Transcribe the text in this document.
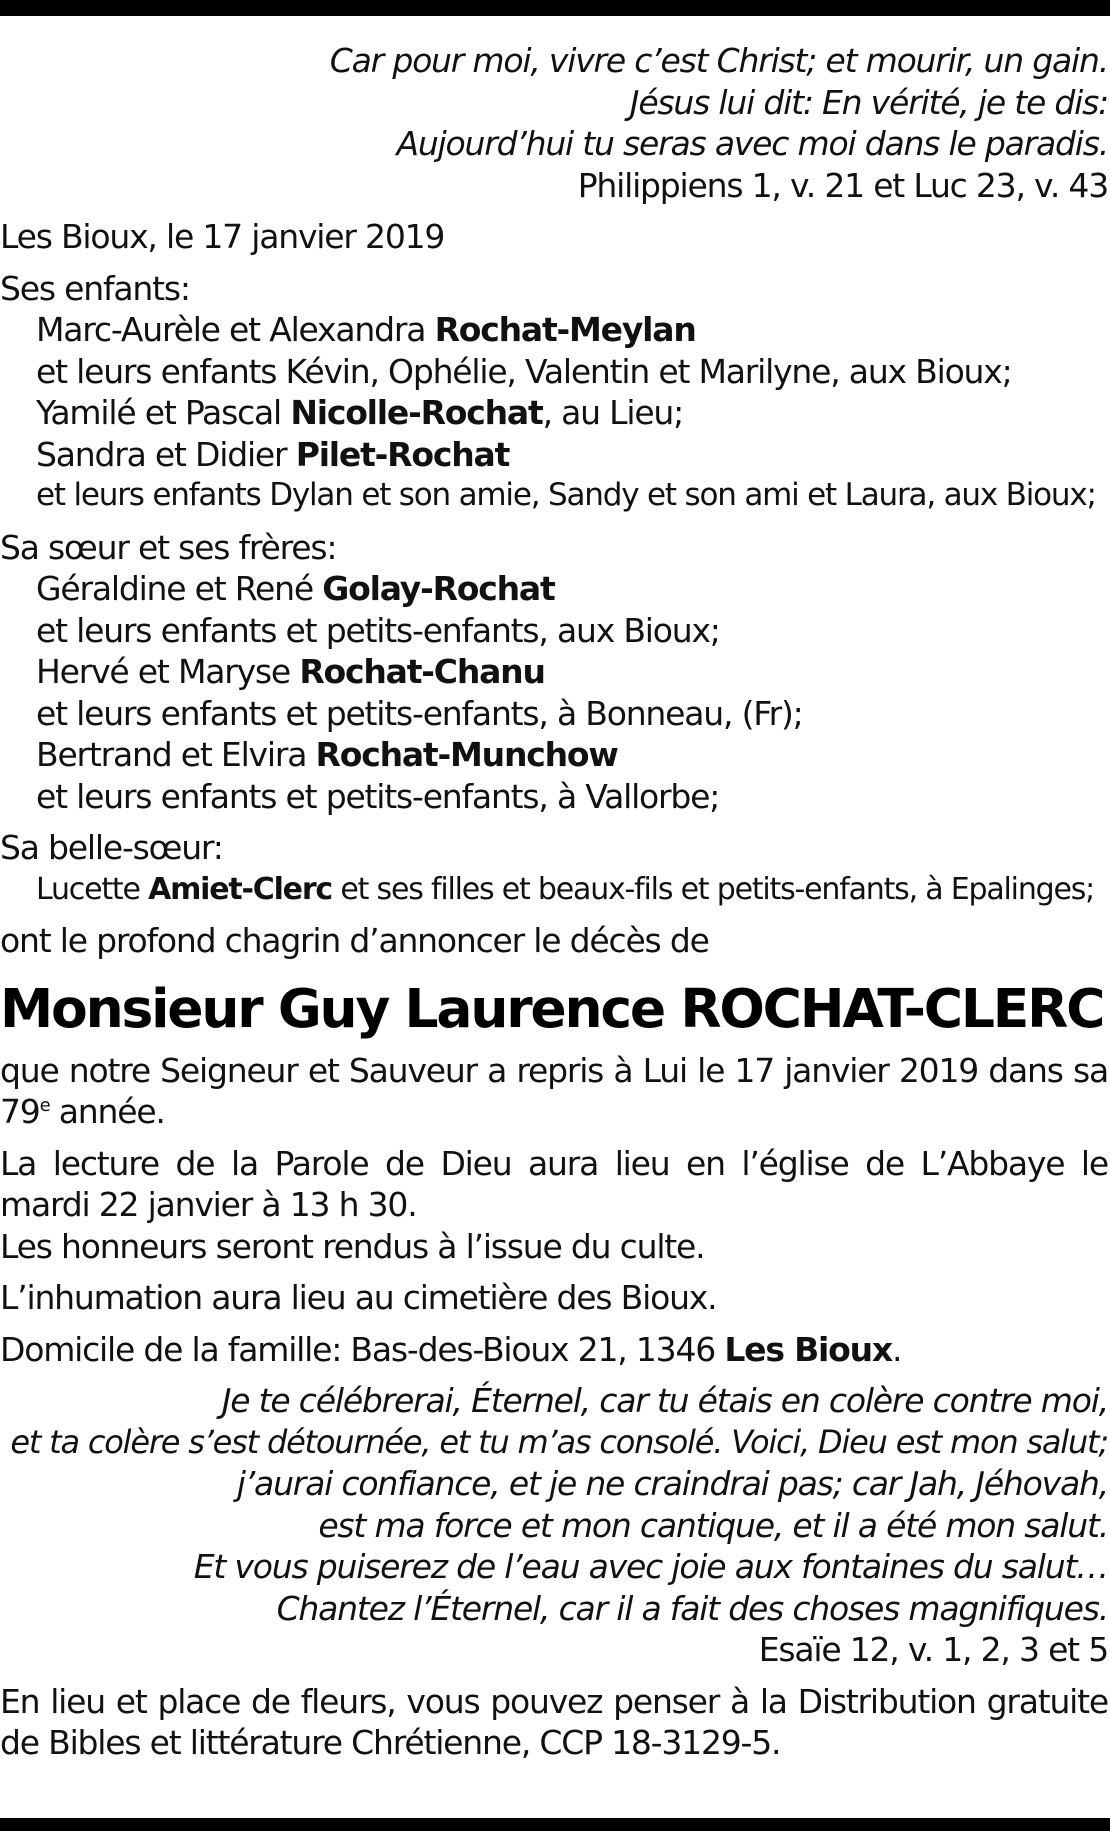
Car pour moi, vivre c’est Christ; et mourir, un gain.

Jésus lui dit: En vérité, je te dis:

Aujourd’hui tu seras avec moi dans le paradis.

Philippiens 1, v. 21 et Luc 23, v. 43

Les Bioux, le 17 janvier 2019

Ses enfants:

Marc-Aurèle et Alexandra Rochat-Meylan

et leurs enfants Kévin, Ophélie, Valentin et Marilyne, aux Bioux;

Yamilé et Pascal Nicolle-Rochat, au Lieu;

Sandra et Didier Pilet-Rochat

et leurs enfants Dylan et son amie, Sandy et son ami et Laura, aux Bioux;

Sa sœur et ses frères:

Géraldine et René Golay-Rochat

et leurs enfants et petits-enfants, aux Bioux;

Hervé et Maryse Rochat-Chanu

et leurs enfants et petits-enfants, à Bonneau, (Fr);

Bertrand et Elvira Rochat-Munchow

et leurs enfants et petits-enfants, à Vallorbe;

Sa belle-sœur:

Lucette Amiet-Clerc et ses filles et beaux-fils et petits-enfants, à Epalinges;

ont le profond chagrin d’annoncer le décès de

Monsieur Guy Laurence ROCHAT-CLERC

que notre Seigneur et Sauveur a repris à Lui le 17 janvier 2019 dans sa 79e année.

La lecture de la Parole de Dieu aura lieu en l’église de L’Abbaye le mardi 22 janvier à 13 h 30.

Les honneurs seront rendus à l’issue du culte.

L’inhumation aura lieu au cimetière des Bioux.

Domicile de la famille: Bas-des-Bioux 21, 1346 Les Bioux.

Je te célébrerai, Éternel, car tu étais en colère contre moi,

et ta colère s’est détournée, et tu m’as consolé. Voici, Dieu est mon salut;

j’aurai confiance, et je ne craindrai pas; car Jah, Jéhovah,

est ma force et mon cantique, et il a été mon salut.

Et vous puiserez de l’eau avec joie aux fontaines du salut…

Chantez l’Éternel, car il a fait des choses magnifiques.

Esaïe 12, v. 1, 2, 3 et 5

En lieu et place de fleurs, vous pouvez penser à la Distribution gratuite de Bibles et littérature Chrétienne, CCP 18-3129-5.
